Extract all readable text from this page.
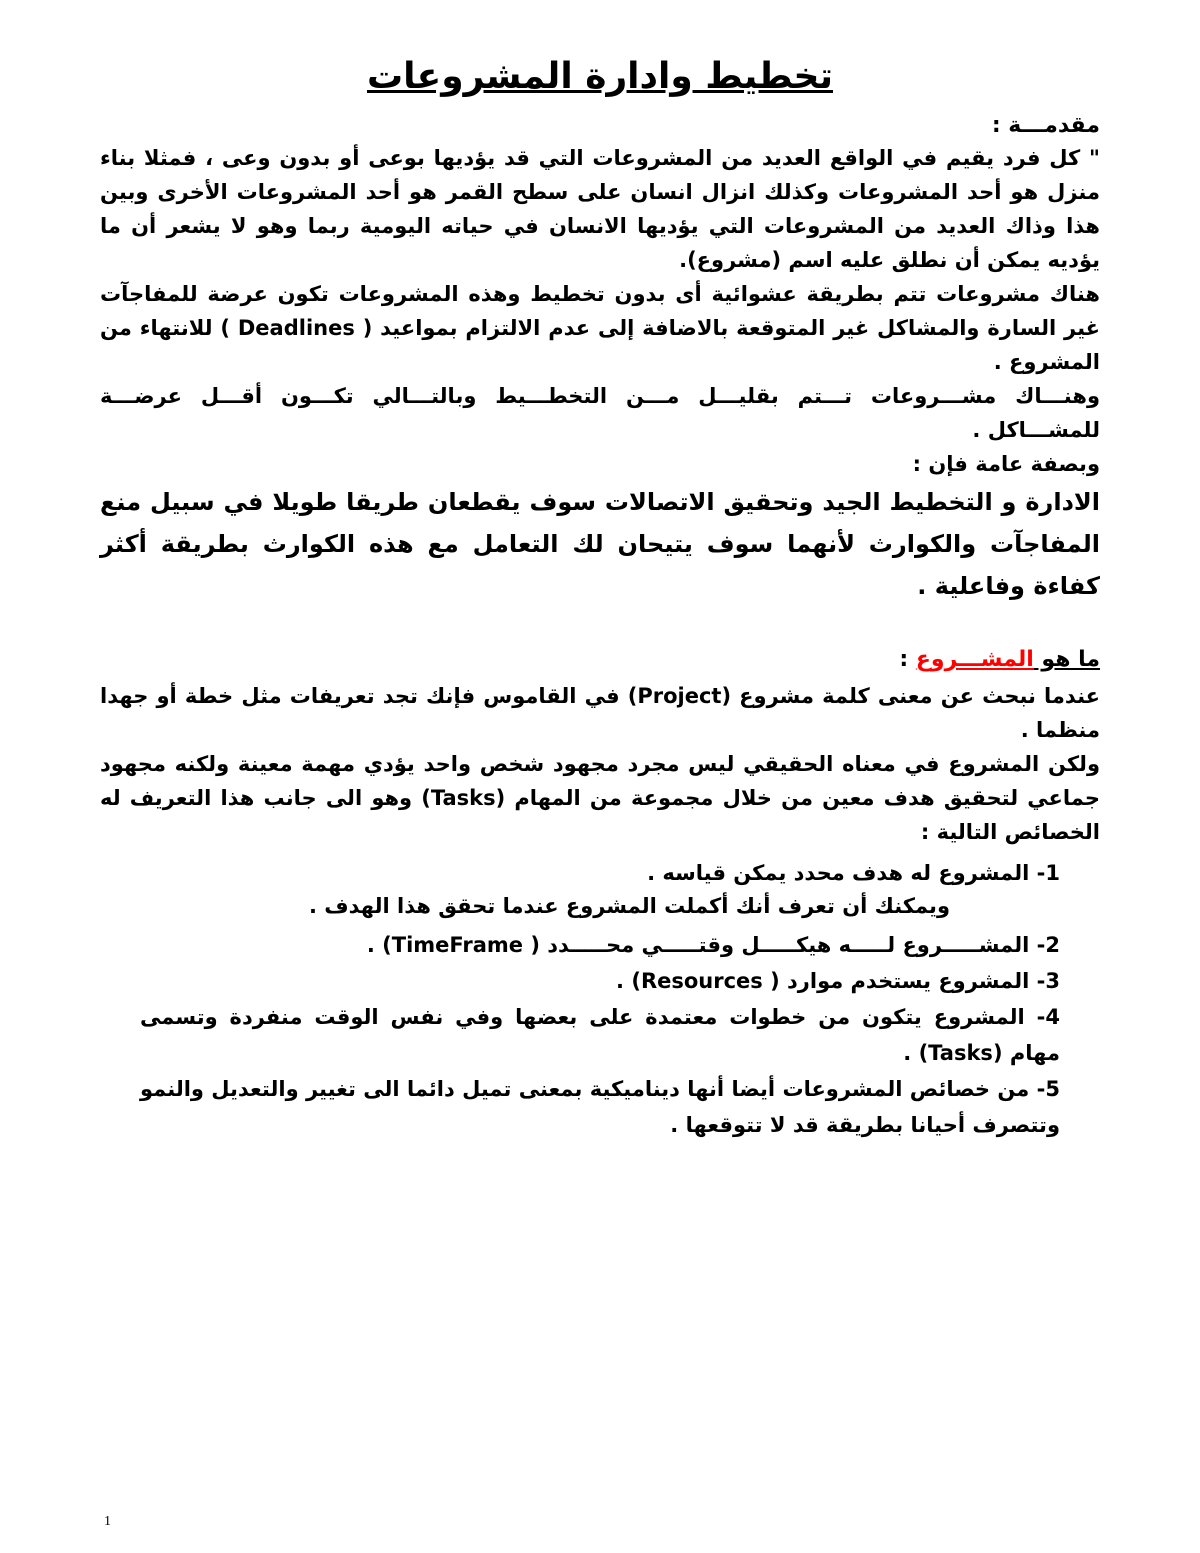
تخطيط وادارة المشروعات

مقدمـــة :

" كل فرد يقيم في الواقع العديد من المشروعات التي قد يؤديها بوعى أو بدون وعى ، فمثلا بناء منزل هو أحد المشروعات وكذلك انزال انسان على سطح القمر هو أحد المشروعات الأخرى وبين هذا وذاك العديد من المشروعات التي يؤديها الانسان في حياته اليومية ربما وهو لا يشعر أن ما يؤديه يمكن أن نطلق عليه اسم (مشروع).

هناك مشروعات تتم بطريقة عشوائية أى بدون تخطيط وهذه المشروعات تكون عرضة للمفاجآت غير السارة والمشاكل غير المتوقعة بالاضافة إلى عدم الالتزام بمواعيد ( Deadlines ) للانتهاء من المشروع .

وهنـــاك مشـــروعات تـــتم بقليـــل مـــن التخطـــيط وبالتـــالي تكـــون أقـــل عرضـــة للمشـــاكل .

وبصفة عامة فإن :

الادارة و التخطيط الجيد وتحقيق الاتصالات سوف يقطعان طريقا طويلا في سبيل منع المفاجآت والكوارث لأنهما سوف يتيحان لك التعامل مع هذه الكوارث بطريقة أكثر كفاءة وفاعلية .

ما هو المشـــروع :

عندما نبحث عن معنى كلمة مشروع (Project) في القاموس فإنك تجد تعريفات مثل خطة أو جهدا منظما .

ولكن المشروع في معناه الحقيقي ليس مجرد مجهود شخص واحد يؤدي مهمة معينة ولكنه مجهود جماعي لتحقيق هدف معين من خلال مجموعة من المهام (Tasks) وهو الى جانب هذا التعريف له الخصائص التالية :

1- المشروع له هدف محدد يمكن قياسه .

ويمكنك أن تعرف أنك أكملت المشروع عندما تحقق هذا الهدف .

2- المشـــــروع لـــــه هيكـــــل وقتـــــي محـــــدد ( TimeFrame) .

3- المشروع يستخدم موارد ( Resources) .

4- المشروع يتكون من خطوات معتمدة على بعضها وفي نفس الوقت منفردة وتسمى مهام (Tasks) .

5- من خصائص المشروعات أيضا أنها ديناميكية بمعنى تميل دائما الى تغيير والتعديل والنمو وتتصرف أحيانا بطريقة قد لا تتوقعها .

1
